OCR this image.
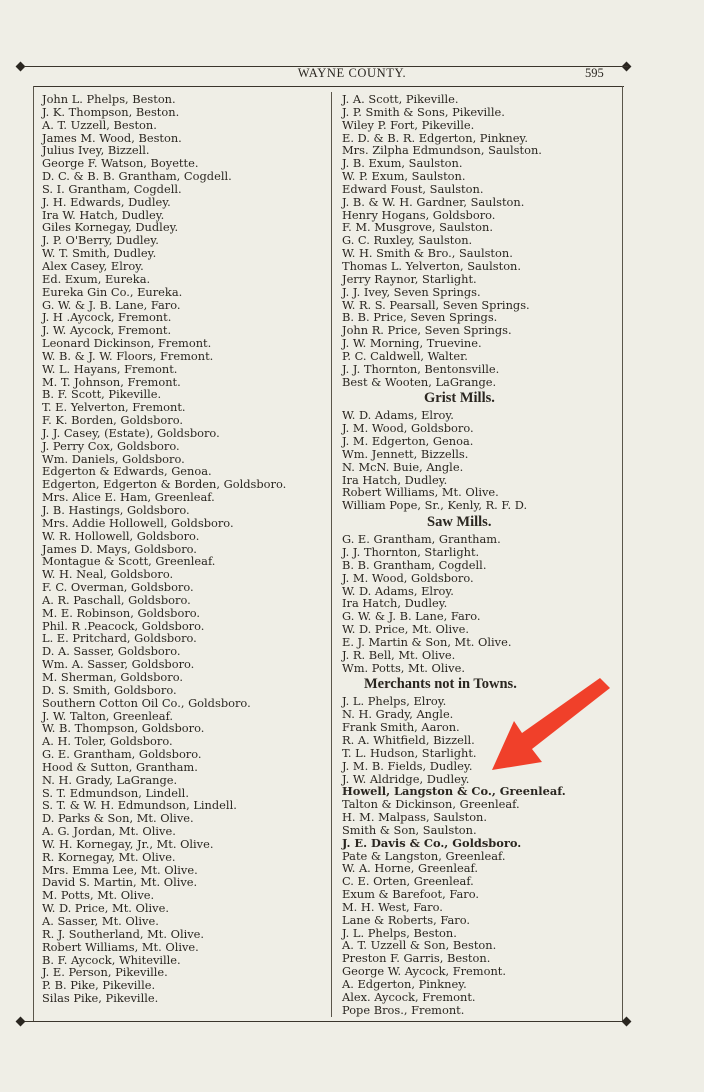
WAYNE COUNTY.	595
John L. Phelps, Beston.
J. K. Thompson, Beston.
A. T. Uzzell, Beston.
James M. Wood, Beston.
Julius Ivey, Bizzell.
George F. Watson, Boyette.
D. C. & B. B. Grantham, Cogdell.
S. I. Grantham, Cogdell.
J. H. Edwards, Dudley.
Ira W. Hatch, Dudley.
Giles Kornegay, Dudley.
J. P. O'Berry, Dudley.
W. T. Smith, Dudley.
Alex Casey, Elroy.
Ed. Exum, Eureka.
Eureka Gin Co., Eureka.
G. W. & J. B. Lane, Faro.
J. H .Aycock, Fremont.
J. W. Aycock, Fremont.
Leonard Dickinson, Fremont.
W. B. & J. W. Floors, Fremont.
W. L. Hayans, Fremont.
M. T. Johnson, Fremont.
B. F. Scott, Pikeville.
T. E. Yelverton, Fremont.
F. K. Borden, Goldsboro.
J. J. Casey, (Estate), Goldsboro.
J. Perry Cox, Goldsboro.
Wm. Daniels, Goldsboro.
Edgerton & Edwards, Genoa.
Edgerton, Edgerton & Borden, Goldsboro.
Mrs. Alice E. Ham, Greenleaf.
J. B. Hastings, Goldsboro.
Mrs. Addie Hollowell, Goldsboro.
W. R. Hollowell, Goldsboro.
James D. Mays, Goldsboro.
Montague & Scott, Greenleaf.
W. H. Neal, Goldsboro.
F. C. Overman, Goldsboro.
A. R. Paschall, Goldsboro.
M. E. Robinson, Goldsboro.
Phil. R .Peacock, Goldsboro.
L. E. Pritchard, Goldsboro.
D. A. Sasser, Goldsboro.
Wm. A. Sasser, Goldsboro.
M. Sherman, Goldsboro.
D. S. Smith, Goldsboro.
Southern Cotton Oil Co., Goldsboro.
J. W. Talton, Greenleaf.
W. B. Thompson, Goldsboro.
A. H. Toler, Goldsboro.
G. E. Grantham, Goldsboro.
Hood & Sutton, Grantham.
N. H. Grady, LaGrange.
S. T. Edmundson, Lindell.
S. T. & W. H. Edmundson, Lindell.
D. Parks & Son, Mt. Olive.
A. G. Jordan, Mt. Olive.
W. H. Kornegay, Jr., Mt. Olive.
R. Kornegay, Mt. Olive.
Mrs. Emma Lee, Mt. Olive.
David S. Martin, Mt. Olive.
M. Potts, Mt. Olive.
W. D. Price, Mt. Olive.
A. Sasser, Mt. Olive.
R. J. Southerland, Mt. Olive.
Robert Williams, Mt. Olive.
B. F. Aycock, Whiteville.
J. E. Person, Pikeville.
P. B. Pike, Pikeville.
Silas Pike, Pikeville.
J. A. Scott, Pikeville.
J. P. Smith & Sons, Pikeville.
Wiley P. Fort, Pikeville.
E. D. & B. R. Edgerton, Pinkney.
Mrs. Zilpha Edmundson, Saulston.
J. B. Exum, Saulston.
W. P. Exum, Saulston.
Edward Foust, Saulston.
J. B. & W. H. Gardner, Saulston.
Henry Hogans, Goldsboro.
F. M. Musgrove, Saulston.
G. C. Ruxley, Saulston.
W. H. Smith & Bro., Saulston.
Thomas L. Yelverton, Saulston.
Jerry Raynor, Starlight.
J. J. Ivey, Seven Springs.
W. R. S. Pearsall, Seven Springs.
B. B. Price, Seven Springs.
John R. Price, Seven Springs.
J. W. Morning, Truevine.
P. C. Caldwell, Walter.
J. J. Thornton, Bentonsville.
Best & Wooten, LaGrange.
Grist Mills.
W. D. Adams, Elroy.
J. M. Wood, Goldsboro.
J. M. Edgerton, Genoa.
Wm. Jennett, Bizzells.
N. McN. Buie, Angle.
Ira Hatch, Dudley.
Robert Williams, Mt. Olive.
William Pope, Sr., Kenly, R. F. D.
Saw Mills.
G. E. Grantham, Grantham.
J. J. Thornton, Starlight.
B. B. Grantham, Cogdell.
J. M. Wood, Goldsboro.
W. D. Adams, Elroy.
Ira Hatch, Dudley.
G. W. & J. B. Lane, Faro.
W. D. Price, Mt. Olive.
E. J. Martin & Son, Mt. Olive.
J. R. Bell, Mt. Olive.
Wm. Potts, Mt. Olive.
Merchants not in Towns.
J. L. Phelps, Elroy.
N. H. Grady, Angle.
Frank Smith, Aaron.
R. A. Whitfield, Bizzell.
T. L. Hudson, Starlight.
J. M. B. Fields, Dudley.
J. W. Aldridge, Dudley.
Howell, Langston & Co., Greenleaf.
Talton & Dickinson, Greenleaf.
H. M. Malpass, Saulston.
Smith & Son, Saulston.
J. E. Davis & Co., Goldsboro.
Pate & Langston, Greenleaf.
W. A. Horne, Greenleaf.
C. E. Orten, Greenleaf.
Exum & Barefoot, Faro.
M. H. West, Faro.
Lane & Roberts, Faro.
J. L. Phelps, Beston.
A. T. Uzzell & Son, Beston.
Preston F. Garris, Beston.
George W. Aycock, Fremont.
A. Edgerton, Pinkney.
Alex. Aycock, Fremont.
Pope Bros., Fremont.
